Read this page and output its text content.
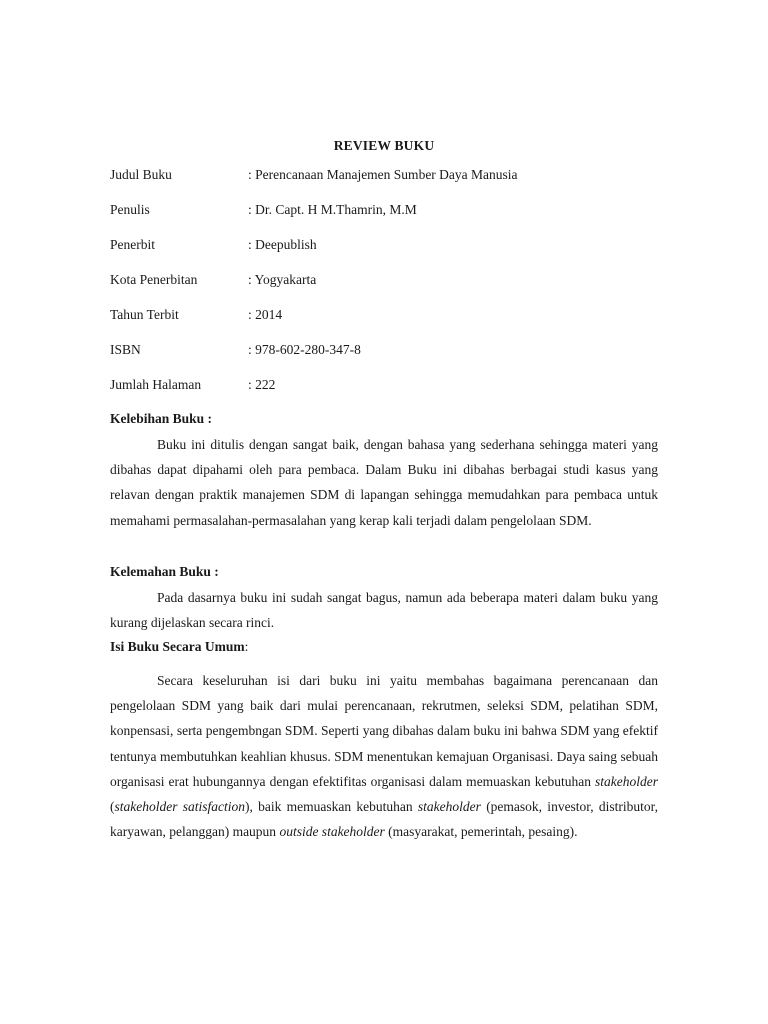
REVIEW BUKU
Judul Buku	: Perencanaan Manajemen Sumber Daya Manusia
Penulis	: Dr. Capt. H M.Thamrin, M.M
Penerbit	: Deepublish
Kota Penerbitan	: Yogyakarta
Tahun Terbit	: 2014
ISBN	: 978-602-280-347-8
Jumlah Halaman	: 222
Kelebihan Buku :

Buku ini ditulis dengan sangat baik, dengan bahasa yang sederhana sehingga materi yang dibahas dapat dipahami oleh para pembaca. Dalam Buku ini dibahas berbagai studi kasus yang relavan dengan praktik manajemen SDM di lapangan sehingga memudahkan para pembaca untuk memahami permasalahan-permasalahan yang kerap kali terjadi dalam pengelolaan SDM.

Kelemahan Buku :

Pada dasarnya buku ini sudah sangat bagus, namun ada beberapa materi dalam buku yang kurang dijelaskan secara rinci.

Isi Buku Secara Umum:

Secara keseluruhan isi dari buku ini yaitu membahas bagaimana perencanaan dan pengelolaan SDM yang baik dari mulai perencanaan, rekrutmen, seleksi SDM, pelatihan SDM, konpensasi, serta pengembngan SDM. Seperti yang dibahas dalam buku ini bahwa SDM yang efektif tentunya membutuhkan keahlian khusus. SDM menentukan kemajuan Organisasi. Daya saing sebuah organisasi erat hubungannya dengan efektifitas organisasi dalam memuaskan kebutuhan stakeholder (stakeholder satisfaction), baik memuaskan kebutuhan stakeholder (pemasok, investor, distributor, karyawan, pelanggan) maupun outside stakeholder (masyarakat, pemerintah, pesaing).
